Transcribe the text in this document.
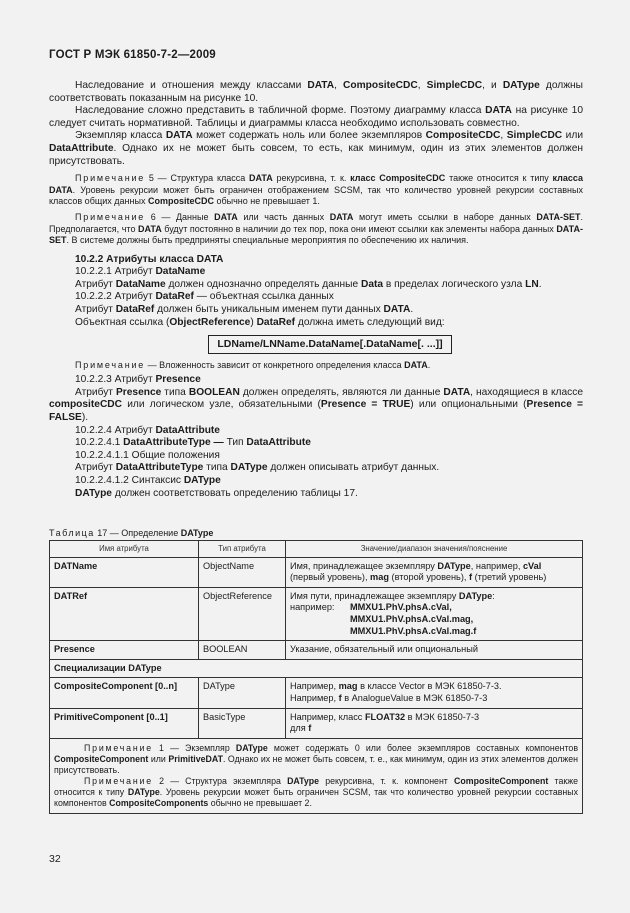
ГОСТ Р МЭК 61850-7-2—2009

Наследование и отношения между классами DATA, CompositeCDC, SimpleCDC, и DAType должны соответствовать показанным на рисунке 10.

Наследование сложно представить в табличной форме. Поэтому диаграмму класса DATA на рисунке 10 следует считать нормативной. Таблицы и диаграммы класса необходимо использовать совместно.

Экземпляр класса DATA может содержать ноль или более экземпляров CompositeCDC, SimpleCDC или DataAttribute. Однако их не может быть совсем, то есть, как минимум, один из этих элементов должен присутствовать.

Примечание 5 — Структура класса DATA рекурсивна, т. к. класс CompositeCDC также относится к типу класса DATA. Уровень рекурсии может быть ограничен отображением SCSM, так что количество уровней рекурсии составных классов общих данных CompositeCDC обычно не превышает 1.

Примечание 6 — Данные DATA или часть данных DATA могут иметь ссылки в наборе данных DATA-SET. Предполагается, что DATA будут постоянно в наличии до тех пор, пока они имеют ссылки как элементы набора данных DATA-SET. В системе должны быть предприняты специальные мероприятия по обеспечению их наличия.

10.2.2 Атрибуты класса DATA

10.2.2.1 Атрибут DataName

Атрибут DataName должен однозначно определять данные Data в пределах логического узла LN.

10.2.2.2 Атрибут DataRef — объектная ссылка данных

Атрибут DataRef должен быть уникальным именем пути данных DATA.

Объектная ссылка (ObjectReference) DataRef должна иметь следующий вид:

LDName/LNName.DataName[.DataName[. ...]]

Примечание — Вложенность зависит от конкретного определения класса DATA.

10.2.2.3 Атрибут Presence

Атрибут Presence типа BOOLEAN должен определять, являются ли данные DATA, находящиеся в классе compositeCDC или логическом узле, обязательными (Presence = TRUE) или опциональными (Presence = FALSE).

10.2.2.4 Атрибут DataAttribute

10.2.2.4.1 DataAttributeType — Тип DataAttribute

10.2.2.4.1.1 Общие положения

Атрибут DataAttributeType типа DAType должен описывать атрибут данных.

10.2.2.4.1.2 Синтаксис DAType

DAType должен соответствовать определению таблицы 17.

Таблица 17 — Определение DAType
Имя атрибута	Тип атрибута	Значение/диапазон значения/пояснение
DATName	ObjectName	Имя, принадлежащее экземпляру DAType, например, cVal (первый уровень), mag (второй уровень), f (третий уровень)
DATRef	ObjectReference	Имя пути, принадлежащее экземпляру DAType:
например: MMXU1.PhV.phsA.cVal,
MMXU1.PhV.phsA.cVal.mag,
MMXU1.PhV.phsA.cVal.mag.f

Presence	BOOLEAN	Указание, обязательный или опциональный
Специализации DAType		
CompositeComponent [0..n]	DAType	Например, mag в классе Vector в МЭК 61850-7-3.
Например, f в AnalogueValue в МЭК 61850-7-3

PrimitiveComponent [0..1]	BasicType	Например, класс FLOAT32 в МЭК 61850-7-3
для f

Примечание 1 — Экземпляр DAType может содержать 0 или более экземпляров составных компонентов CompositeComponent или PrimitiveDAT. Однако их не может быть совсем, т. е., как минимум, один из этих элементов должен присутствовать.

Примечание 2 — Структура экземпляра DAType рекурсивна, т. к. компонент CompositeComponent также относится к типу DAType. Уровень рекурсии может быть ограничен SCSM, так что количество уровней рекурсии составных компонентов CompositeComponents обычно не превышает 2.		

32
